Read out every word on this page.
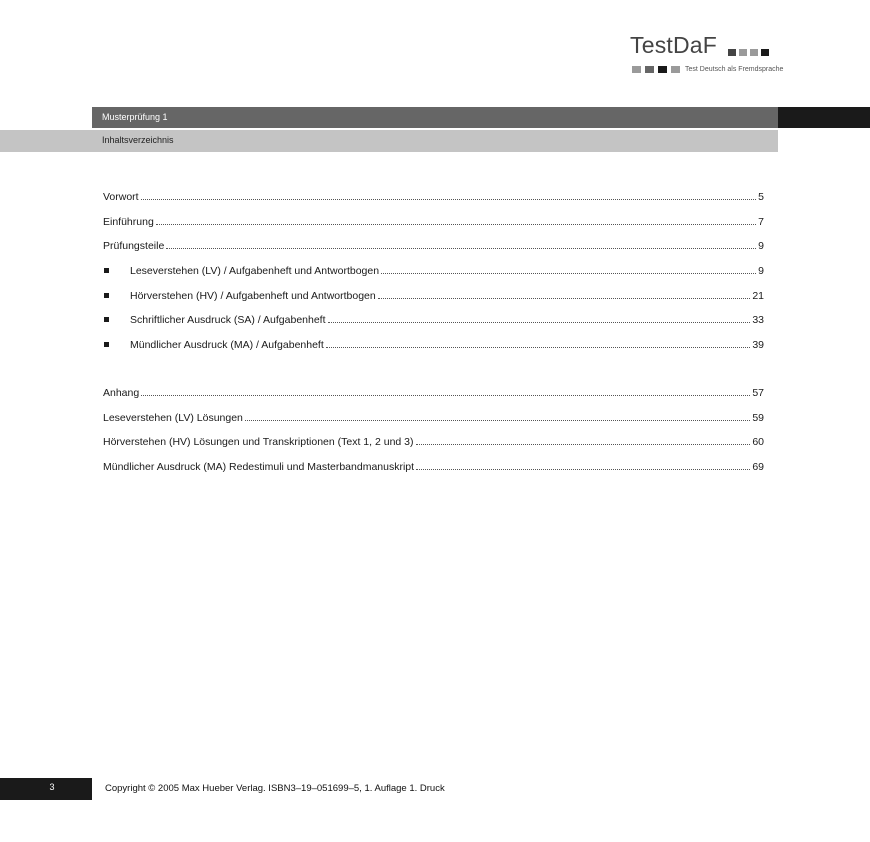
TestDaF
Test Deutsch als Fremdsprache
Musterprüfung 1
Inhaltsverzeichnis
Vorwort	5
Einführung	7
Prüfungsteile	9
Leseverstehen (LV) / Aufgabenheft und Antwortbogen	9
Hörverstehen (HV) / Aufgabenheft und Antwortbogen	21
Schriftlicher Ausdruck (SA) / Aufgabenheft	33
Mündlicher Ausdruck (MA) / Aufgabenheft	39
Anhang	57
Leseverstehen (LV) Lösungen	59
Hörverstehen (HV) Lösungen und Transkriptionen (Text 1, 2 und 3)	60
Mündlicher Ausdruck (MA) Redestimuli und Masterbandmanuskript	69
3	Copyright © 2005 Max Hueber Verlag. ISBN3–19–051699–5, 1. Auflage 1. Druck
